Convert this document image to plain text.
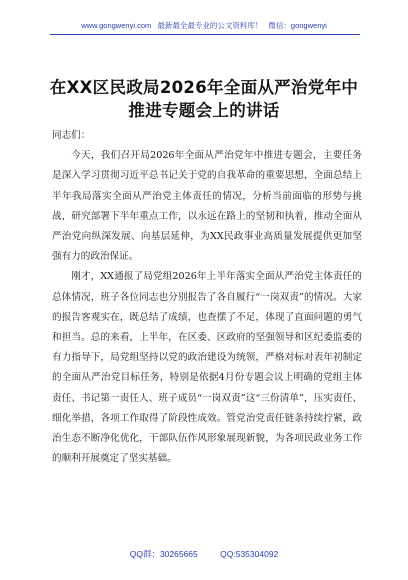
www.gongwenyi.com 最新最全最专业的公文资料库！ 微信：gongwenyi
在XX区民政局2026年全面从严治党年中
推进专题会上的讲话

同志们：

今天，我们召开局2026年全面从严治党年中推进专题会，主要任务是深入学习贯彻习近平总书记关于党的自我革命的重要思想，全面总结上半年我局落实全面从严治党主体责任的情况，分析当前面临的形势与挑战，研究部署下半年重点工作，以永远在路上的坚韧和执着，推动全面从严治党向纵深发展、向基层延伸，为XX民政事业高质量发展提供更加坚强有力的政治保证。

刚才，XX通报了局党组2026年上半年落实全面从严治党主体责任的总体情况，班子各位同志也分别报告了各自履行“一岗双责”的情况。大家的报告客观实在，既总结了成绩，也查摆了不足，体现了直面问题的勇气和担当。总的来看，上半年，在区委、区政府的坚强领导和区纪委监委的有力指导下，局党组坚持以党的政治建设为统领，严格对标对表年初制定的全面从严治党目标任务，特别是依据4月份专题会议上明确的党组主体责任、书记第一责任人、班子成员“一岗双责”这“三份清单”，压实责任、细化举措，各项工作取得了阶段性成效。管党治党责任链条持续拧紧，政治生态不断净化优化，干部队伍作风形象展现新貌，为各项民政业务工作的顺利开展奠定了坚实基础。

QQ群：30265665	QQ:535304092
